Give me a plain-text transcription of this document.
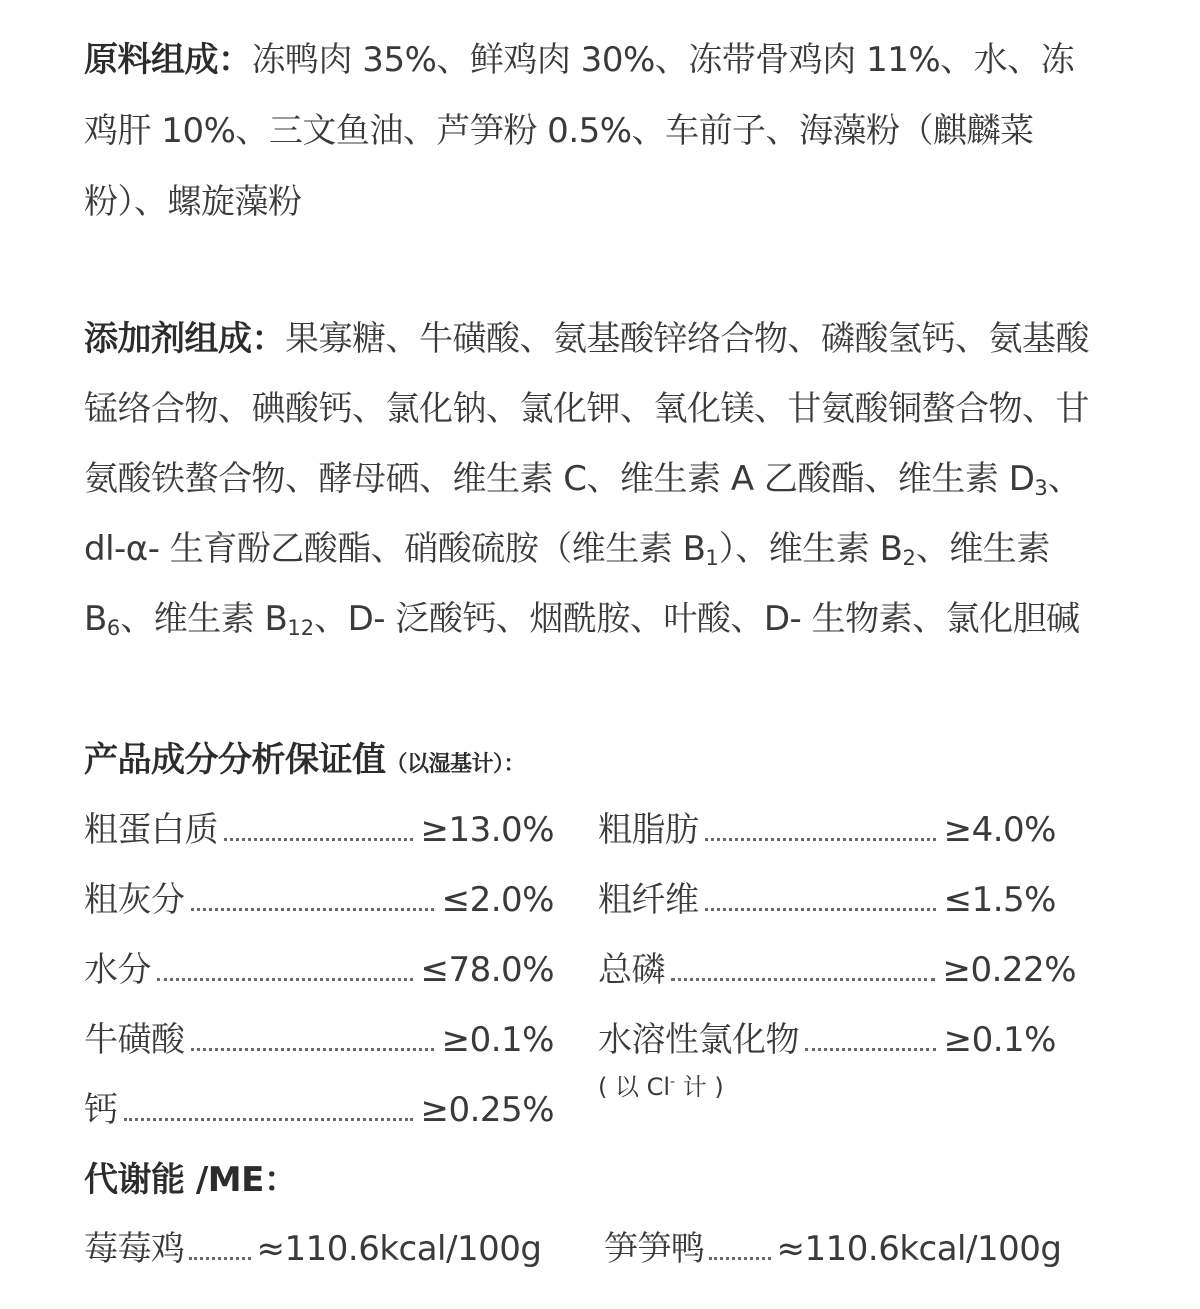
原料组成：冻鸭肉 35%、鲜鸡肉 30%、冻带骨鸡肉 11%、水、冻鸡肝 10%、三文鱼油、芦笋粉 0.5%、车前子、海藻粉（麒麟菜粉）、螺旋藻粉

添加剂组成：果寡糖、牛磺酸、氨基酸锌络合物、磷酸氢钙、氨基酸锰络合物、碘酸钙、氯化钠、氯化钾、氧化镁、甘氨酸铜螯合物、甘氨酸铁螯合物、酵母硒、维生素 C、维生素 A 乙酸酯、维生素 $D_3$、dl-α- 生育酚乙酸酯、硝酸硫胺（维生素 $B_1$）、维生素 $B_2$、维生素 $B_6$、维生素 $B_{12}$、D- 泛酸钙、烟酰胺、叶酸、D- 生物素、氯化胆碱

产品成分分析保证值（以湿基计）：
粗蛋白质	≥13.0%
粗灰分	≤2.0%
水分	≤78.0%
牛磺酸	≥0.1%
钙	≥0.25%
粗脂肪	≥4.0%
粗纤维	≤1.5%
总磷	≥0.22%
水溶性氯化物	≥0.1%
( 以 Cl- 计 )
代谢能 /ME：
莓莓鸡 ≈110.6kcal/100g 笋笋鸭 ≈110.6kcal/100g
